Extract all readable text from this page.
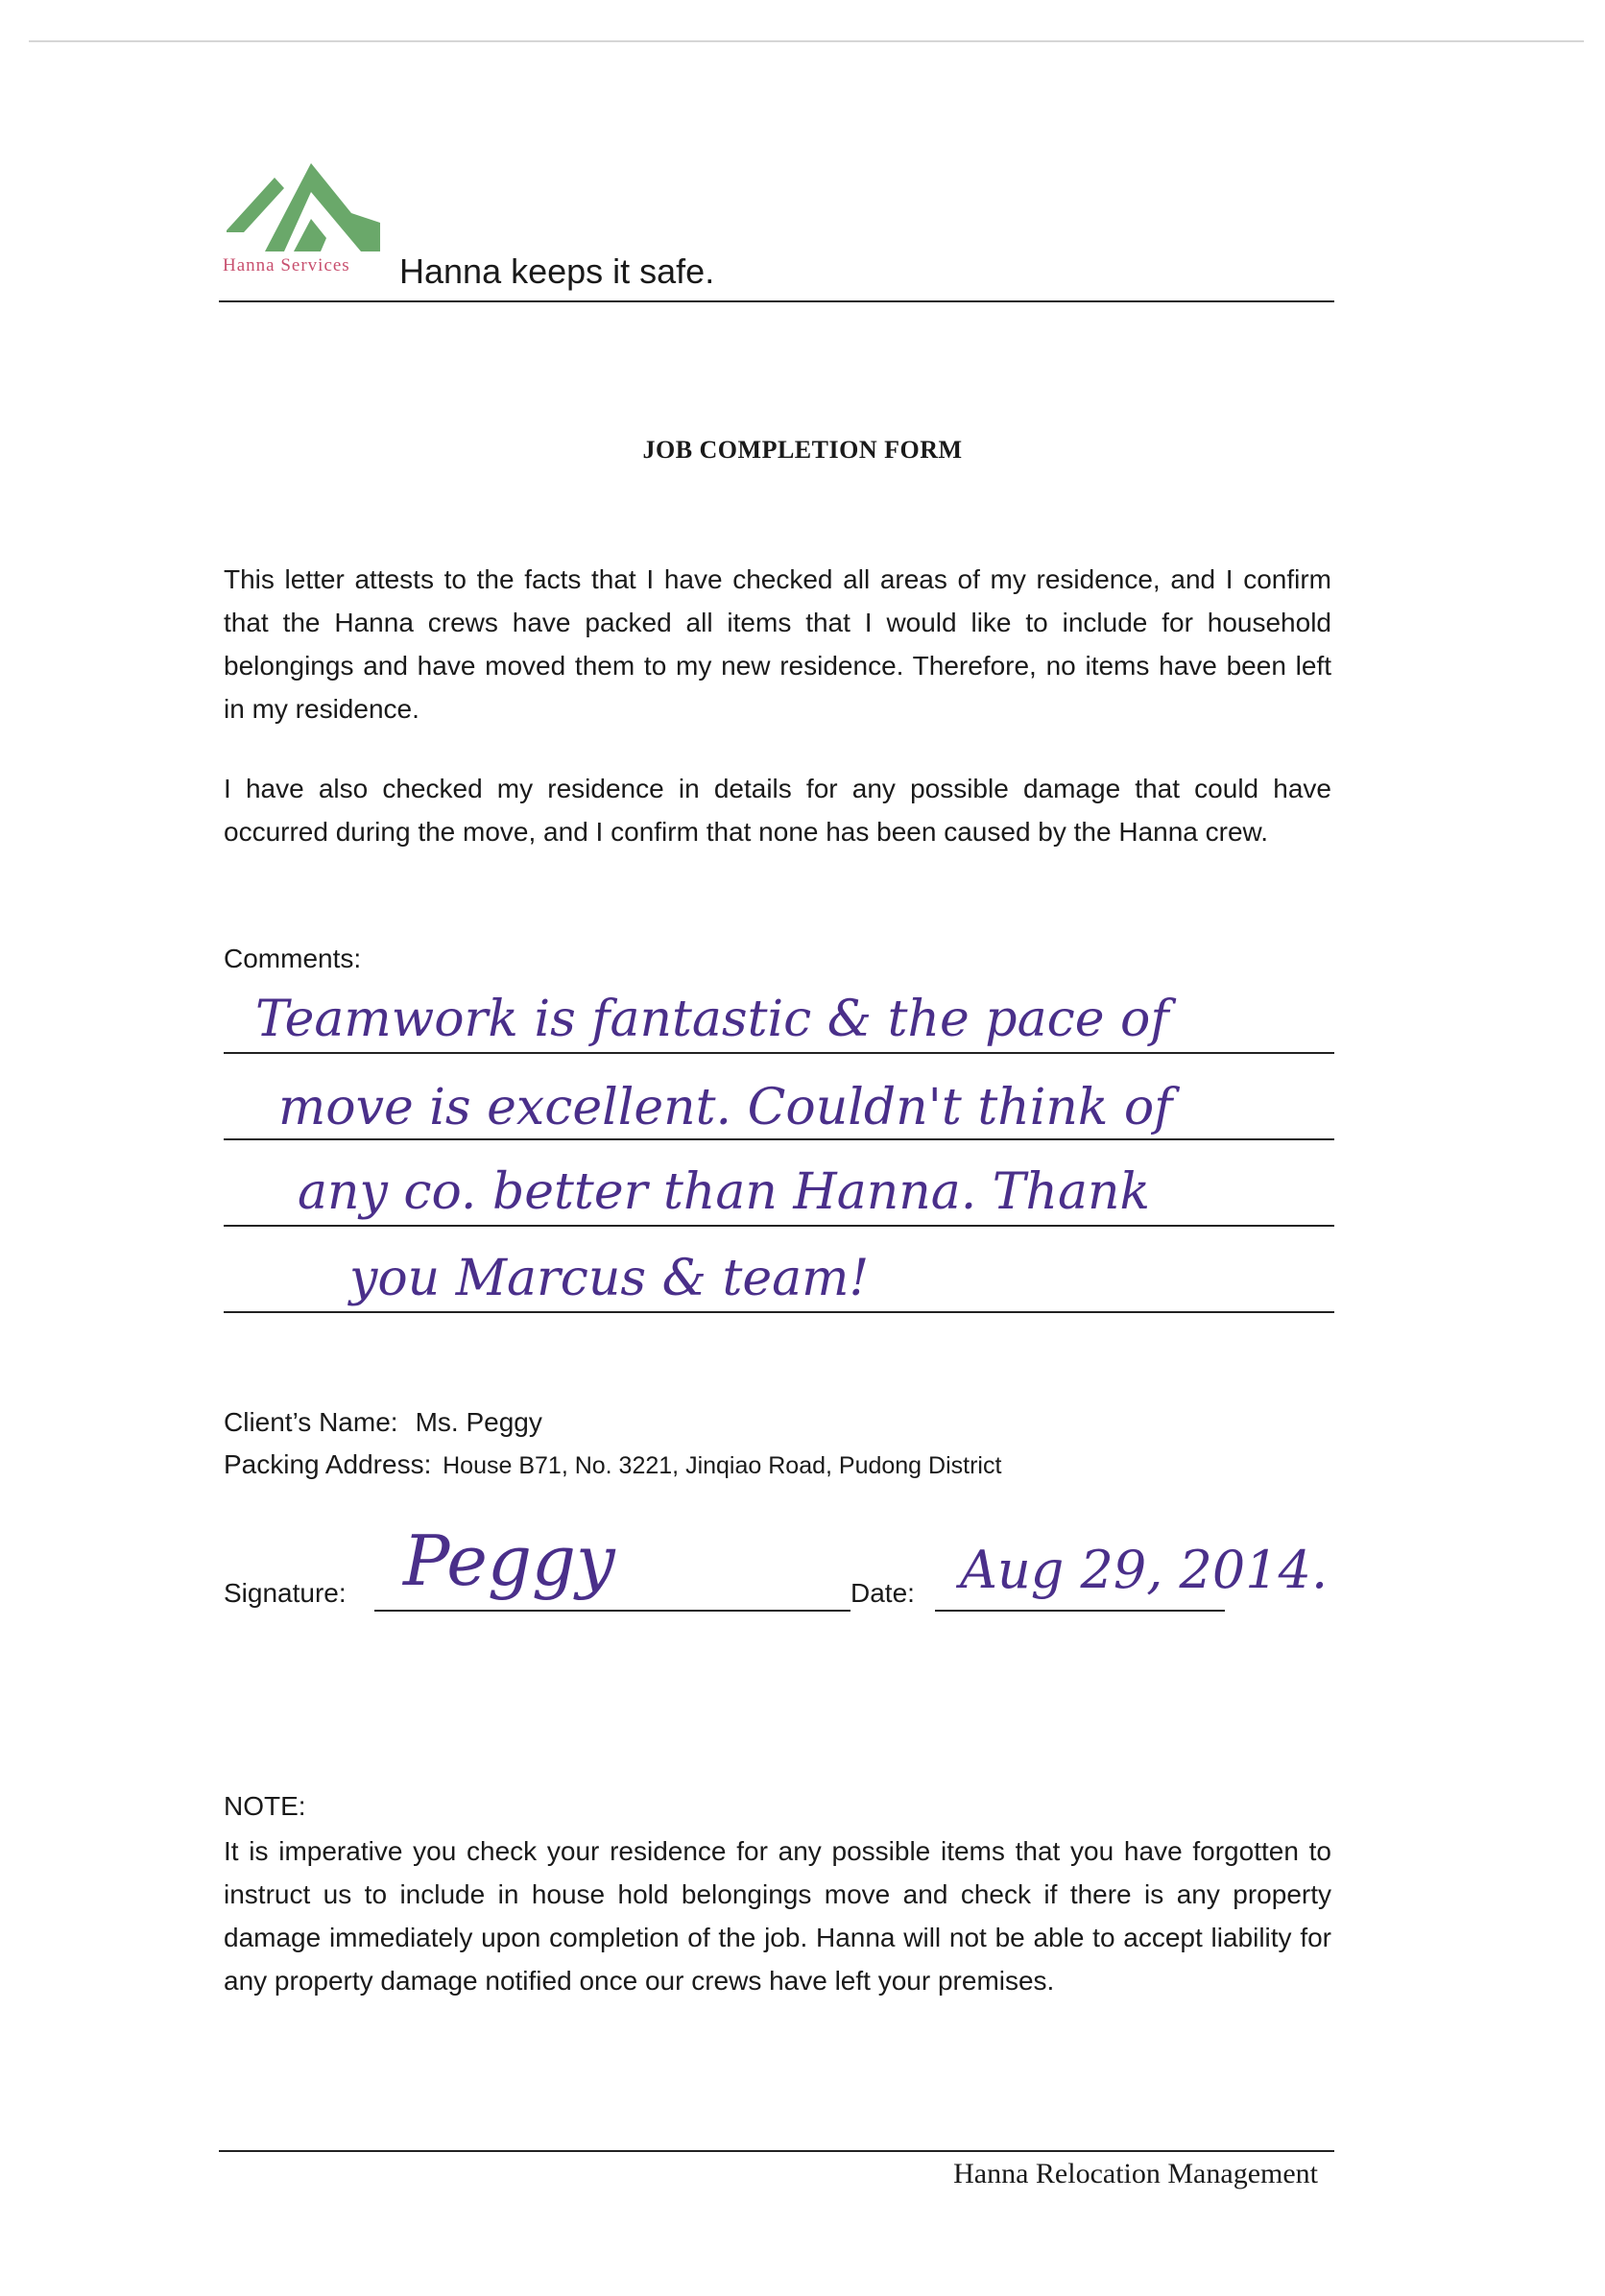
Hanna Services Hanna keeps it safe.
JOB COMPLETION FORM
This letter attests to the facts that I have checked all areas of my residence, and I confirm that the Hanna crews have packed all items that I would like to include for household belongings and have moved them to my new residence. Therefore, no items have been left in my residence.
I have also checked my residence in details for any possible damage that could have occurred during the move, and I confirm that none has been caused by the Hanna crew.
Comments:
Teamwork is fantastic & the pace of
move is excellent. Couldn't think of
any co. better than Hanna. Thank
you Marcus & team!
Client’s Name: Ms. Peggy
Packing Address: House B71, No. 3221, Jinqiao Road, Pudong District
Signature: Peggy	Date: Aug 29, 2014.
NOTE:
It is imperative you check your residence for any possible items that you have forgotten to instruct us to include in house hold belongings move and check if there is any property damage immediately upon completion of the job. Hanna will not be able to accept liability for any property damage notified once our crews have left your premises.
Hanna Relocation Management
